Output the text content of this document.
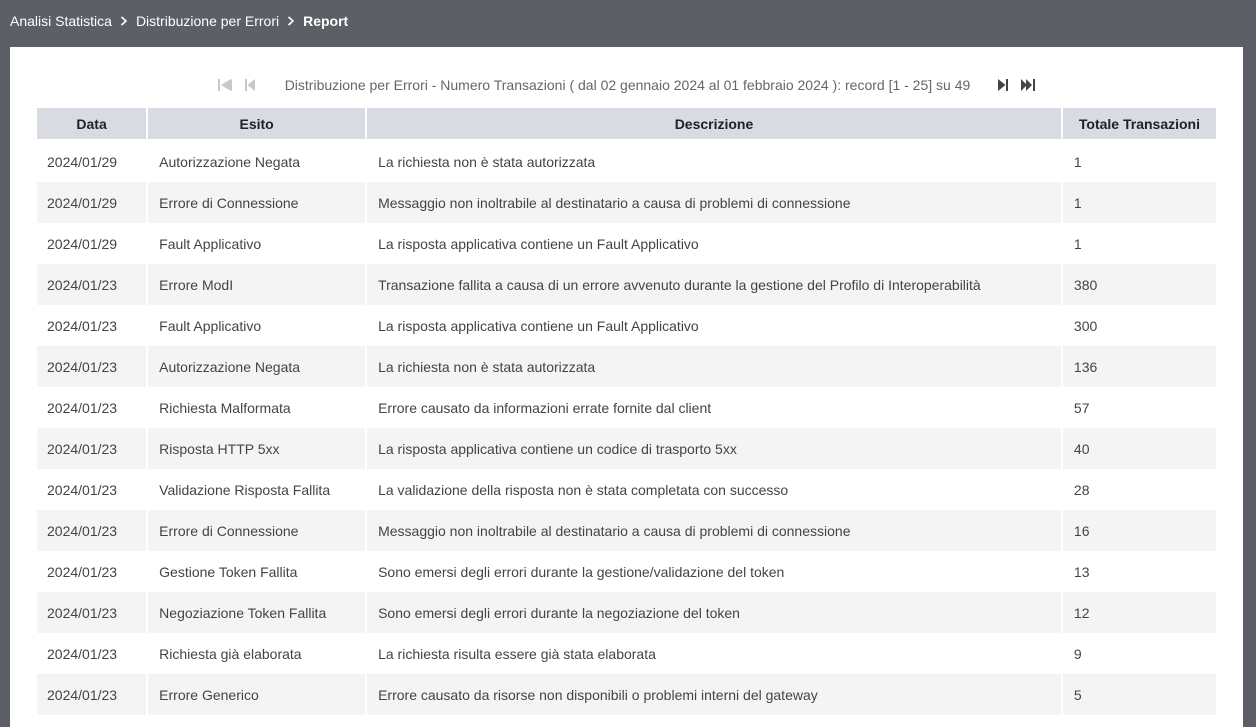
Analisi Statistica Distribuzione per Errori Report
Distribuzione per Errori - Numero Transazioni ( dal 02 gennaio 2024 al 01 febbraio 2024 ): record [1 - 25] su 49
Data	Esito	Descrizione	Totale Transazioni
2024/01/29	Autorizzazione Negata	La richiesta non è stata autorizzata	1
2024/01/29	Errore di Connessione	Messaggio non inoltrabile al destinatario a causa di problemi di connessione	1
2024/01/29	Fault Applicativo	La risposta applicativa contiene un Fault Applicativo	1
2024/01/23	Errore ModI	Transazione fallita a causa di un errore avvenuto durante la gestione del Profilo di Interoperabilità	380
2024/01/23	Fault Applicativo	La risposta applicativa contiene un Fault Applicativo	300
2024/01/23	Autorizzazione Negata	La richiesta non è stata autorizzata	136
2024/01/23	Richiesta Malformata	Errore causato da informazioni errate fornite dal client	57
2024/01/23	Risposta HTTP 5xx	La risposta applicativa contiene un codice di trasporto 5xx	40
2024/01/23	Validazione Risposta Fallita	La validazione della risposta non è stata completata con successo	28
2024/01/23	Errore di Connessione	Messaggio non inoltrabile al destinatario a causa di problemi di connessione	16
2024/01/23	Gestione Token Fallita	Sono emersi degli errori durante la gestione/validazione del token	13
2024/01/23	Negoziazione Token Fallita	Sono emersi degli errori durante la negoziazione del token	12
2024/01/23	Richiesta già elaborata	La richiesta risulta essere già stata elaborata	9
2024/01/23	Errore Generico	Errore causato da risorse non disponibili o problemi interni del gateway	5
